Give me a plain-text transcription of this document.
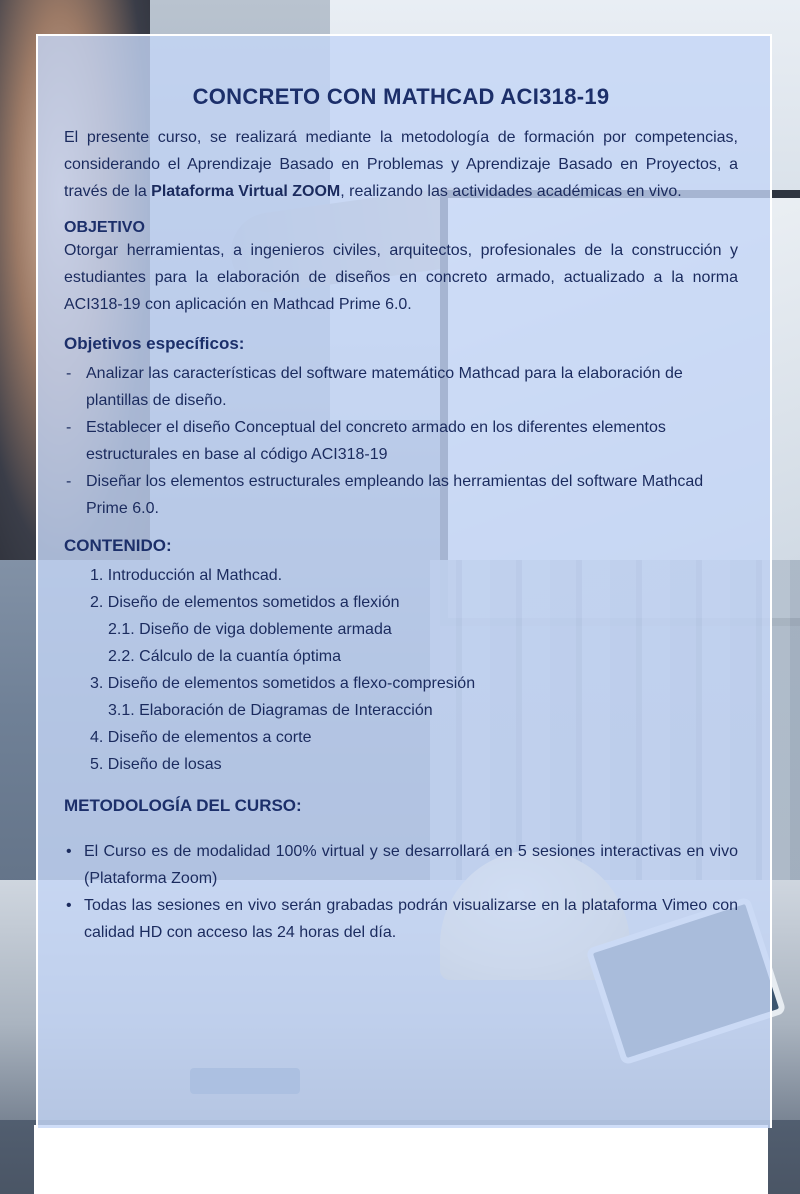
CONCRETO CON MATHCAD ACI318-19

El presente curso, se realizará mediante la metodología de formación por competencias, considerando el Aprendizaje Basado en Problemas y Aprendizaje Basado en Proyectos, a través de la Plataforma Virtual ZOOM, realizando las actividades académicas en vivo.

OBJETIVO

Otorgar herramientas, a ingenieros civiles, arquitectos, profesionales de la construcción y estudiantes para la elaboración de diseños en concreto armado, actualizado a la norma ACI318-19 con aplicación en Mathcad Prime 6.0.

Objetivos específicos:
- Analizar las características del software matemático Mathcad para la elaboración de plantillas de diseño.
- Establecer el diseño Conceptual del concreto armado en los diferentes elementos estructurales en base al código ACI318-19
- Diseñar los elementos estructurales empleando las herramientas del software Mathcad Prime 6.0.
CONTENIDO:
1. Introducción al Mathcad.
2. Diseño de elementos sometidos a flexión
2.1. Diseño de viga doblemente armada
2.2. Cálculo de la cuantía óptima
3. Diseño de elementos sometidos a flexo-compresión
3.1. Elaboración de Diagramas de Interacción
4. Diseño de elementos a corte
5. Diseño de losas
METODOLOGÍA DEL CURSO:
• El Curso es de modalidad 100% virtual y se desarrollará en 5 sesiones interactivas en vivo (Plataforma Zoom)
• Todas las sesiones en vivo serán grabadas podrán visualizarse en la plataforma Vimeo con calidad HD con acceso las 24 horas del día.
